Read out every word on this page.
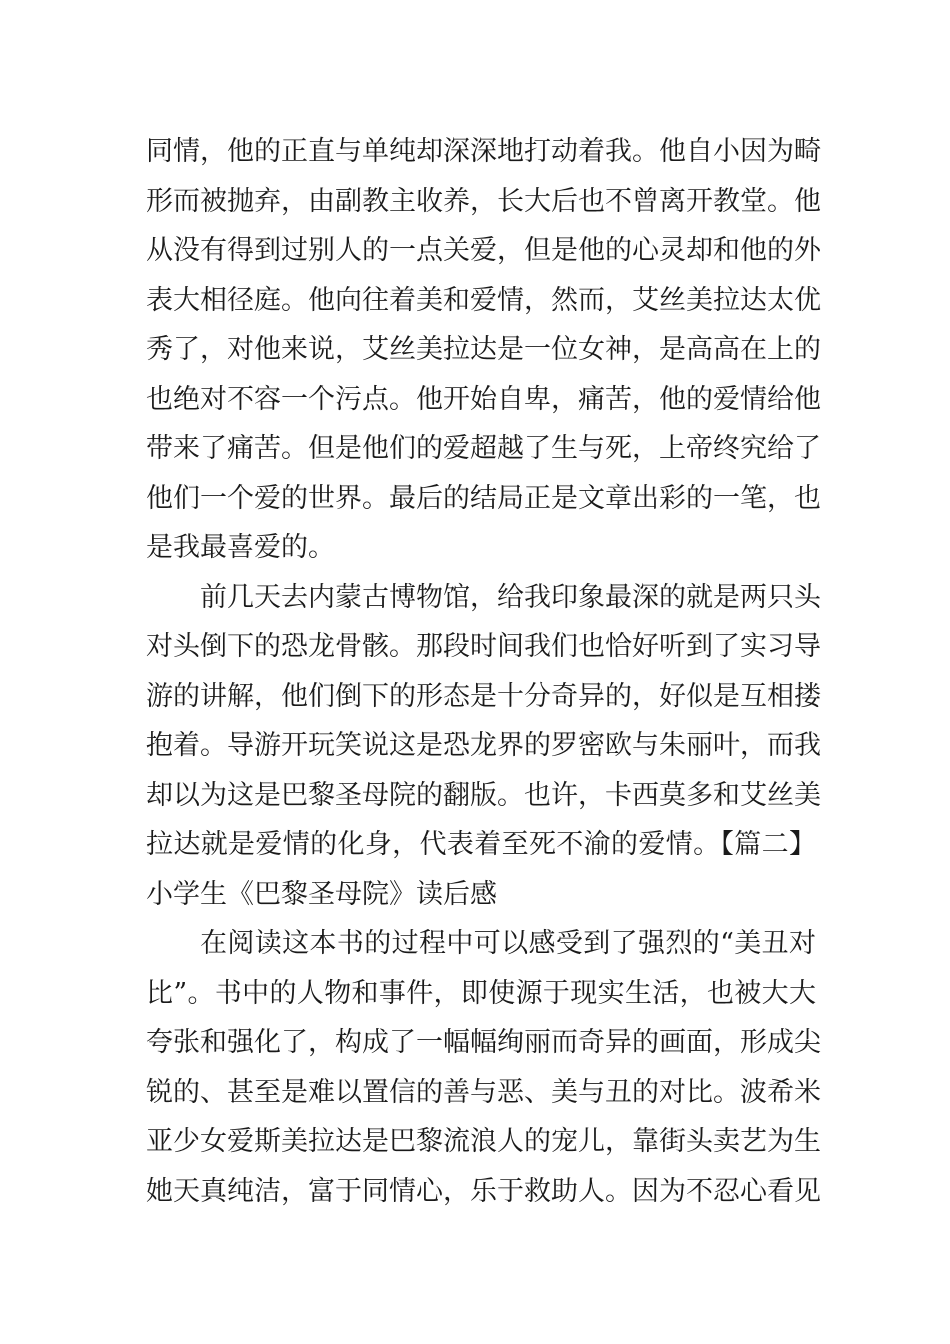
同情，他的正直与单纯却深深地打动着我。他自小因为畸
形而被抛弃，由副教主收养，长大后也不曾离开教堂。他
从没有得到过别人的一点关爱，但是他的心灵却和他的外
表大相径庭。他向往着美和爱情，然而，艾丝美拉达太优
秀了，对他来说，艾丝美拉达是一位女神，是高高在上的
也绝对不容一个污点。他开始自卑，痛苦，他的爱情给他
带来了痛苦。但是他们的爱超越了生与死，上帝终究给了
他们一个爱的世界。最后的结局正是文章出彩的一笔，也
是我最喜爱的。
前几天去内蒙古博物馆，给我印象最深的就是两只头
对头倒下的恐龙骨骸。那段时间我们也恰好听到了实习导
游的讲解，他们倒下的形态是十分奇异的，好似是互相搂
抱着。导游开玩笑说这是恐龙界的罗密欧与朱丽叶，而我
却以为这是巴黎圣母院的翻版。也许，卡西莫多和艾丝美
拉达就是爱情的化身，代表着至死不渝的爱情。【篇二】
小学生《巴黎圣母院》读后感
在阅读这本书的过程中可以感受到了强烈的“美丑对
比”。书中的人物和事件，即使源于现实生活，也被大大
夸张和强化了，构成了一幅幅绚丽而奇异的画面，形成尖
锐的、甚至是难以置信的善与恶、美与丑的对比。波希米
亚少女爱斯美拉达是巴黎流浪人的宠儿，靠街头卖艺为生
她天真纯洁，富于同情心，乐于救助人。因为不忍心看见
